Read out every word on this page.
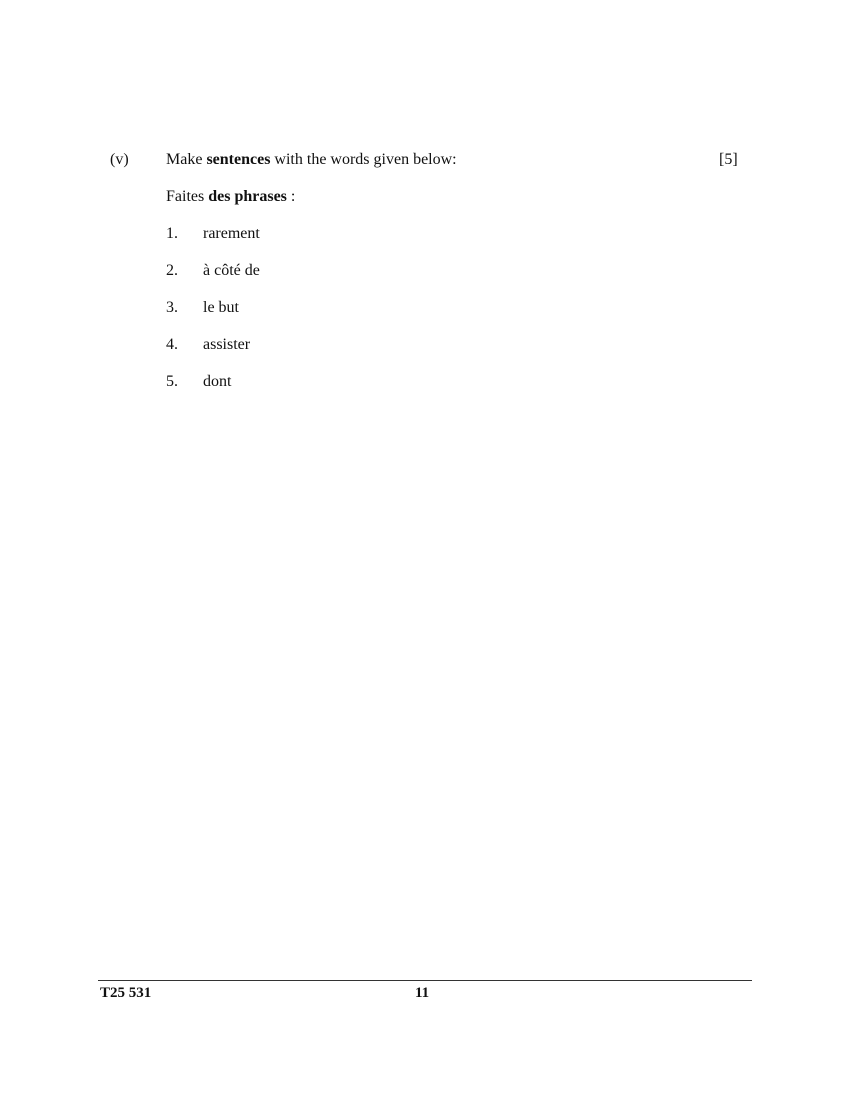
(v) Make sentences with the words given below:	[5]
Faites des phrases :
1.	rarement
2.	à côté de
3.	le but
4.	assister
5.	dont
T25 531	11
